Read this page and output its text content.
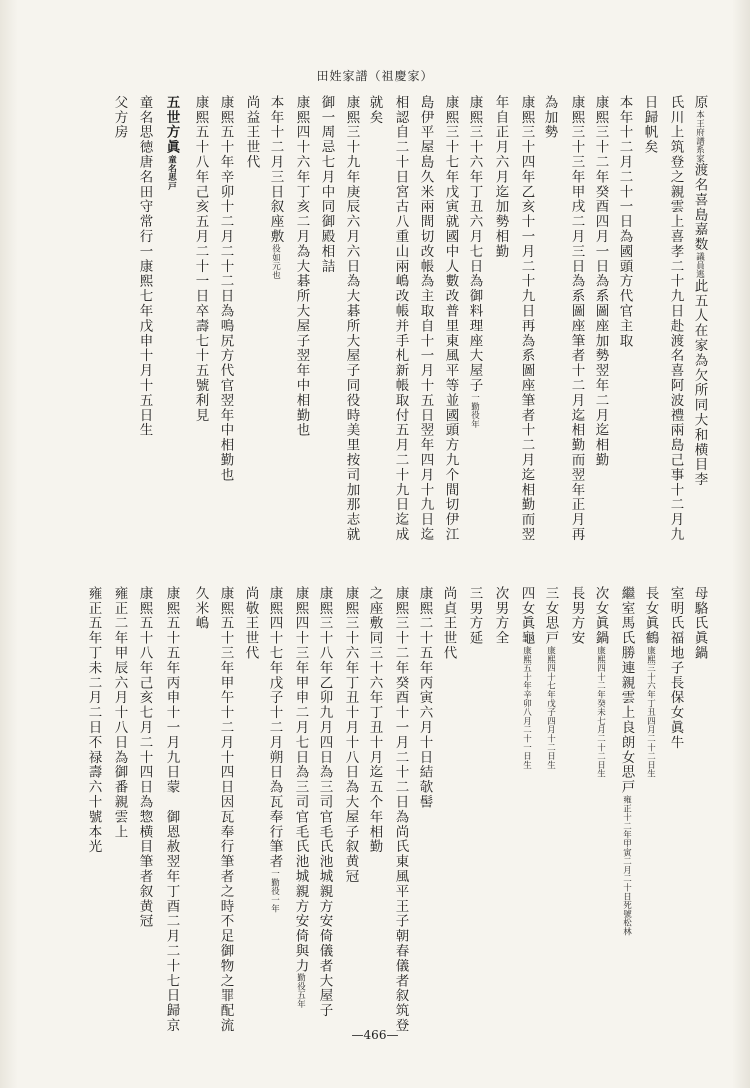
田姓家譜（祖慶家）
原本王府譜系家渡名喜島嘉数議員逃此五人在家為欠所同大和横目李
氏川上筑登之親雲上喜孝二十九日赴渡名喜阿波禮兩島己事十二月九
日歸帆矣
本年十二月二十一日為國頭方代官主取
康熙三十二年癸酉四月一日為系圖座加勢翌年二月迄相勤
康熙三十三年甲戌二月三日為系圖座筆者十二月迄相勤而翌年正月再
為加勢
康熙三十四年乙亥十一月二十九日再為系圖座筆者十二月迄相勤而翌
年自正月六月迄加勢相勤
康熙三十六年丁丑六月七日為御料理座大屋子一勤役年
康熙三十七年戊寅就國中人數改普里東風平等並國頭方九个間切伊江
島伊平屋島久米兩間切改帳為主取自十一月十五日翌年四月十九日迄
相認自二十日宮古八重山兩嶋改帳并手札新帳取付五月二十九日迄成
就矣
康熙三十九年庚辰六月六日為大碁所大屋子同役時美里按司加那志就
御一周忌七月中同御殿相詰
康熙四十六年丁亥二月為大碁所大屋子翌年中相勤也
本年十二月三日叙座敷役如元也
尚益王世代
康熙五十年辛卯十二月二十二日為鳴尻方代官翌年中相勤也
康熙五十八年己亥五月二十一日卒壽七十五號利見
五世方眞童名思戸
童名思徳唐名田守常行一康熙七年戊申十月十五日生
父方房
母駱氏眞鍋
室明氏福地子長保女眞牛
長女眞鶴康熙三十六年丁丑四月二十二日生
繼室馬氏勝連親雲上良朗女思戸雍正十二年甲寅二月二十日死號松林
次女眞鍋康熙四十二年癸未七月二十二日生
長男方安
三女思戸康熙四十七年戊子四月十二日生
四女眞龜康熙五十年辛卯八月二十一日生
次男方全
三男方延
尚貞王世代
康熙二十五年丙寅六月十日結欹髻
康熙三十二年癸酉十一月二十二日為尚氏東風平王子朝春儀者叙筑登
之座敷同三十六年丁丑十月迄五个年相勤
康熙三十六年丁丑十月十八日為大屋子叙黄冠
康熙三十八年乙卯九月四日為三司官毛氏池城親方安倚儀者大屋子
康熙四十三年甲申二月七日為三司官毛氏池城親方安倚與力勤役五年
康熙四十七年戊子十二月朔日為瓦奉行筆者一勤役一年
尚敬王世代
康熙五十三年甲午十二月十四日因瓦奉行筆者之時不足御物之罪配流
久米嶋
康熙五十五年丙申十一月九日蒙　御恩赦翌年丁酉二月二十七日歸京
康熙五十八年己亥七月二十四日為惣横目筆者叙黄冠
雍正二年甲辰六月十八日為御番親雲上
雍正五年丁未二月二日不禄壽六十號本光
—466—
